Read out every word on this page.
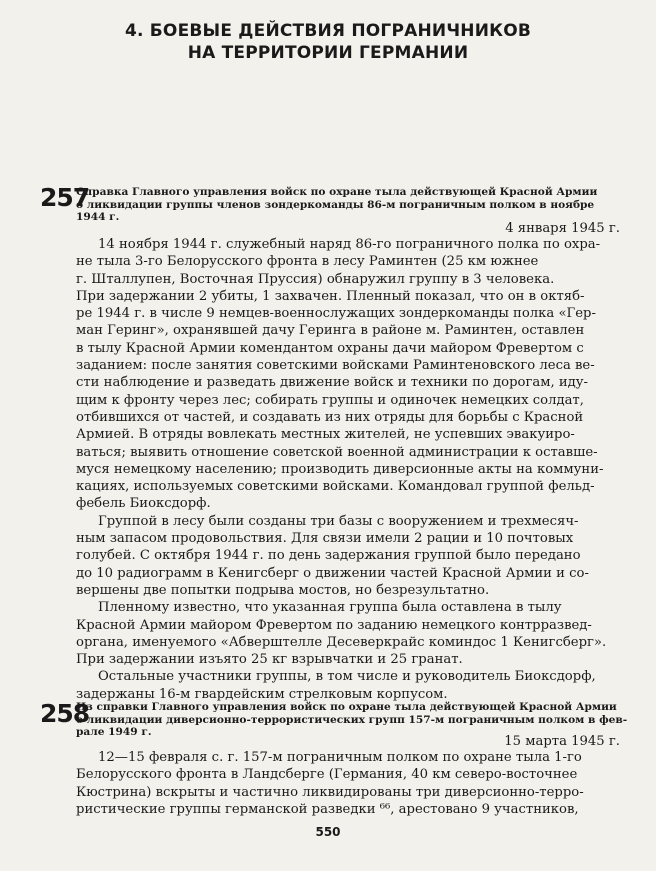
4. БОЕВЫЕ ДЕЙСТВИЯ ПОГРАНИЧНИКОВ
НА ТЕРРИТОРИИ ГЕРМАНИИ
257
Справка Главного управления войск по охране тыла действующей Красной Армии
о ликвидации группы членов зондеркоманды 86-м пограничным полком в ноябре
1944 г.
4 января 1945 г.
14 ноября 1944 г. служебный наряд 86-го пограничного полка по охра-
не тыла 3-го Белорусского фронта в лесу Раминтен (25 км южнее
г. Шталлупен, Восточная Пруссия) обнаружил группу в 3 человека.
При задержании 2 убиты, 1 захвачен. Пленный показал, что он в октяб-
ре 1944 г. в числе 9 немцев-военнослужащих зондеркоманды полка «Гер-
ман Геринг», охранявшей дачу Геринга в районе м. Раминтен, оставлен
в тылу Красной Армии комендантом охраны дачи майором Фревертом с
заданием: после занятия советскими войсками Раминтеновского леса ве-
сти наблюдение и разведать движение войск и техники по дорогам, иду-
щим к фронту через лес; собирать группы и одиночек немецких солдат,
отбившихся от частей, и создавать из них отряды для борьбы с Красной
Армией. В отряды вовлекать местных жителей, не успевших эвакуиро-
ваться; выявить отношение советской военной администрации к оставше-
муся немецкому населению; производить диверсионные акты на коммуни-
кациях, используемых советскими войсками. Командовал группой фельд-
фебель Биоксдорф.
Группой в лесу были созданы три базы с вооружением и трехмесяч-
ным запасом продовольствия. Для связи имели 2 рации и 10 почтовых
голубей. С октября 1944 г. по день задержания группой было передано
до 10 радиограмм в Кенигсберг о движении частей Красной Армии и со-
вершены две попытки подрыва мостов, но безрезультатно.
Пленному известно, что указанная группа была оставлена в тылу
Красной Армии майором Фревертом по заданию немецкого контрразвед-
органа, именуемого «Абверштелле Десеверкрайс коминдос 1 Кенигсберг».
При задержании изъято 25 кг взрывчатки и 25 гранат.
Остальные участники группы, в том числе и руководитель Биоксдорф,
задержаны 16-м гвардейским стрелковым корпусом.
258
Из справки Главного управления войск по охране тыла действующей Красной Армии
о ликвидации диверсионно-террористических групп 157-м пограничным полком в фев-
рале 1949 г.
15 марта 1945 г.
12—15 февраля с. г. 157-м пограничным полком по охране тыла 1-го
Белорусского фронта в Ландсберге (Германия, 40 км северо-восточнее
Кюстрина) вскрыты и частично ликвидированы три диверсионно-терро-
ристические группы германской разведки ⁶⁶, арестовано 9 участников,
550
